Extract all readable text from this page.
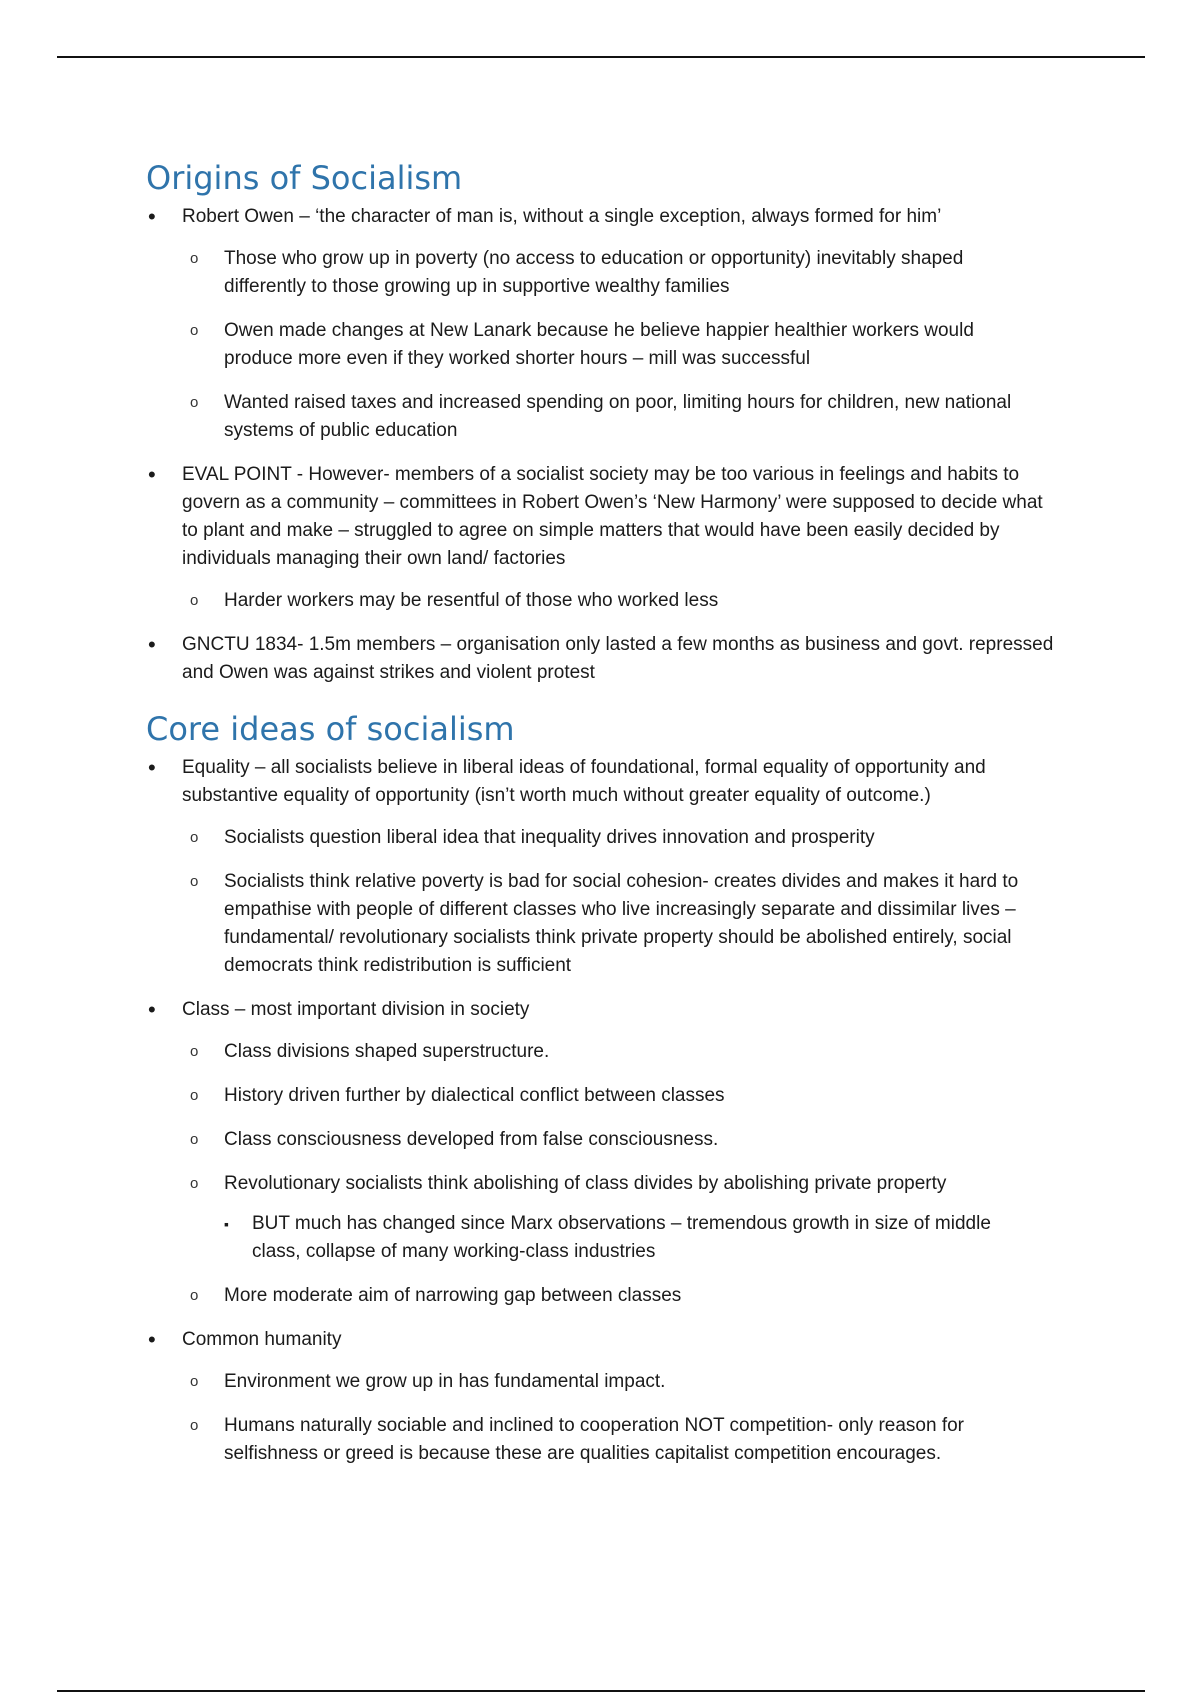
Origins of Socialism
• Robert Owen – ‘the character of man is, without a single exception, always formed for him’
o Those who grow up in poverty (no access to education or opportunity) inevitably shaped differently to those growing up in supportive wealthy families
o Owen made changes at New Lanark because he believe happier healthier workers would produce more even if they worked shorter hours – mill was successful
o Wanted raised taxes and increased spending on poor, limiting hours for children, new national systems of public education
• EVAL POINT - However- members of a socialist society may be too various in feelings and habits to govern as a community – committees in Robert Owen’s ‘New Harmony’ were supposed to decide what to plant and make – struggled to agree on simple matters that would have been easily decided by individuals managing their own land/ factories
o Harder workers may be resentful of those who worked less
• GNCTU 1834- 1.5m members – organisation only lasted a few months as business and govt. repressed and Owen was against strikes and violent protest
Core ideas of socialism
• Equality – all socialists believe in liberal ideas of foundational, formal equality of opportunity and substantive equality of opportunity (isn’t worth much without greater equality of outcome.)
o Socialists question liberal idea that inequality drives innovation and prosperity
o Socialists think relative poverty is bad for social cohesion- creates divides and makes it hard to empathise with people of different classes who live increasingly separate and dissimilar lives – fundamental/ revolutionary socialists think private property should be abolished entirely, social democrats think redistribution is sufficient
• Class – most important division in society
o Class divisions shaped superstructure.
o History driven further by dialectical conflict between classes
o Class consciousness developed from false consciousness.
o Revolutionary socialists think abolishing of class divides by abolishing private property
▪ BUT much has changed since Marx observations – tremendous growth in size of middle class, collapse of many working-class industries
o More moderate aim of narrowing gap between classes
• Common humanity
o Environment we grow up in has fundamental impact.
o Humans naturally sociable and inclined to cooperation NOT competition- only reason for selfishness or greed is because these are qualities capitalist competition encourages.
